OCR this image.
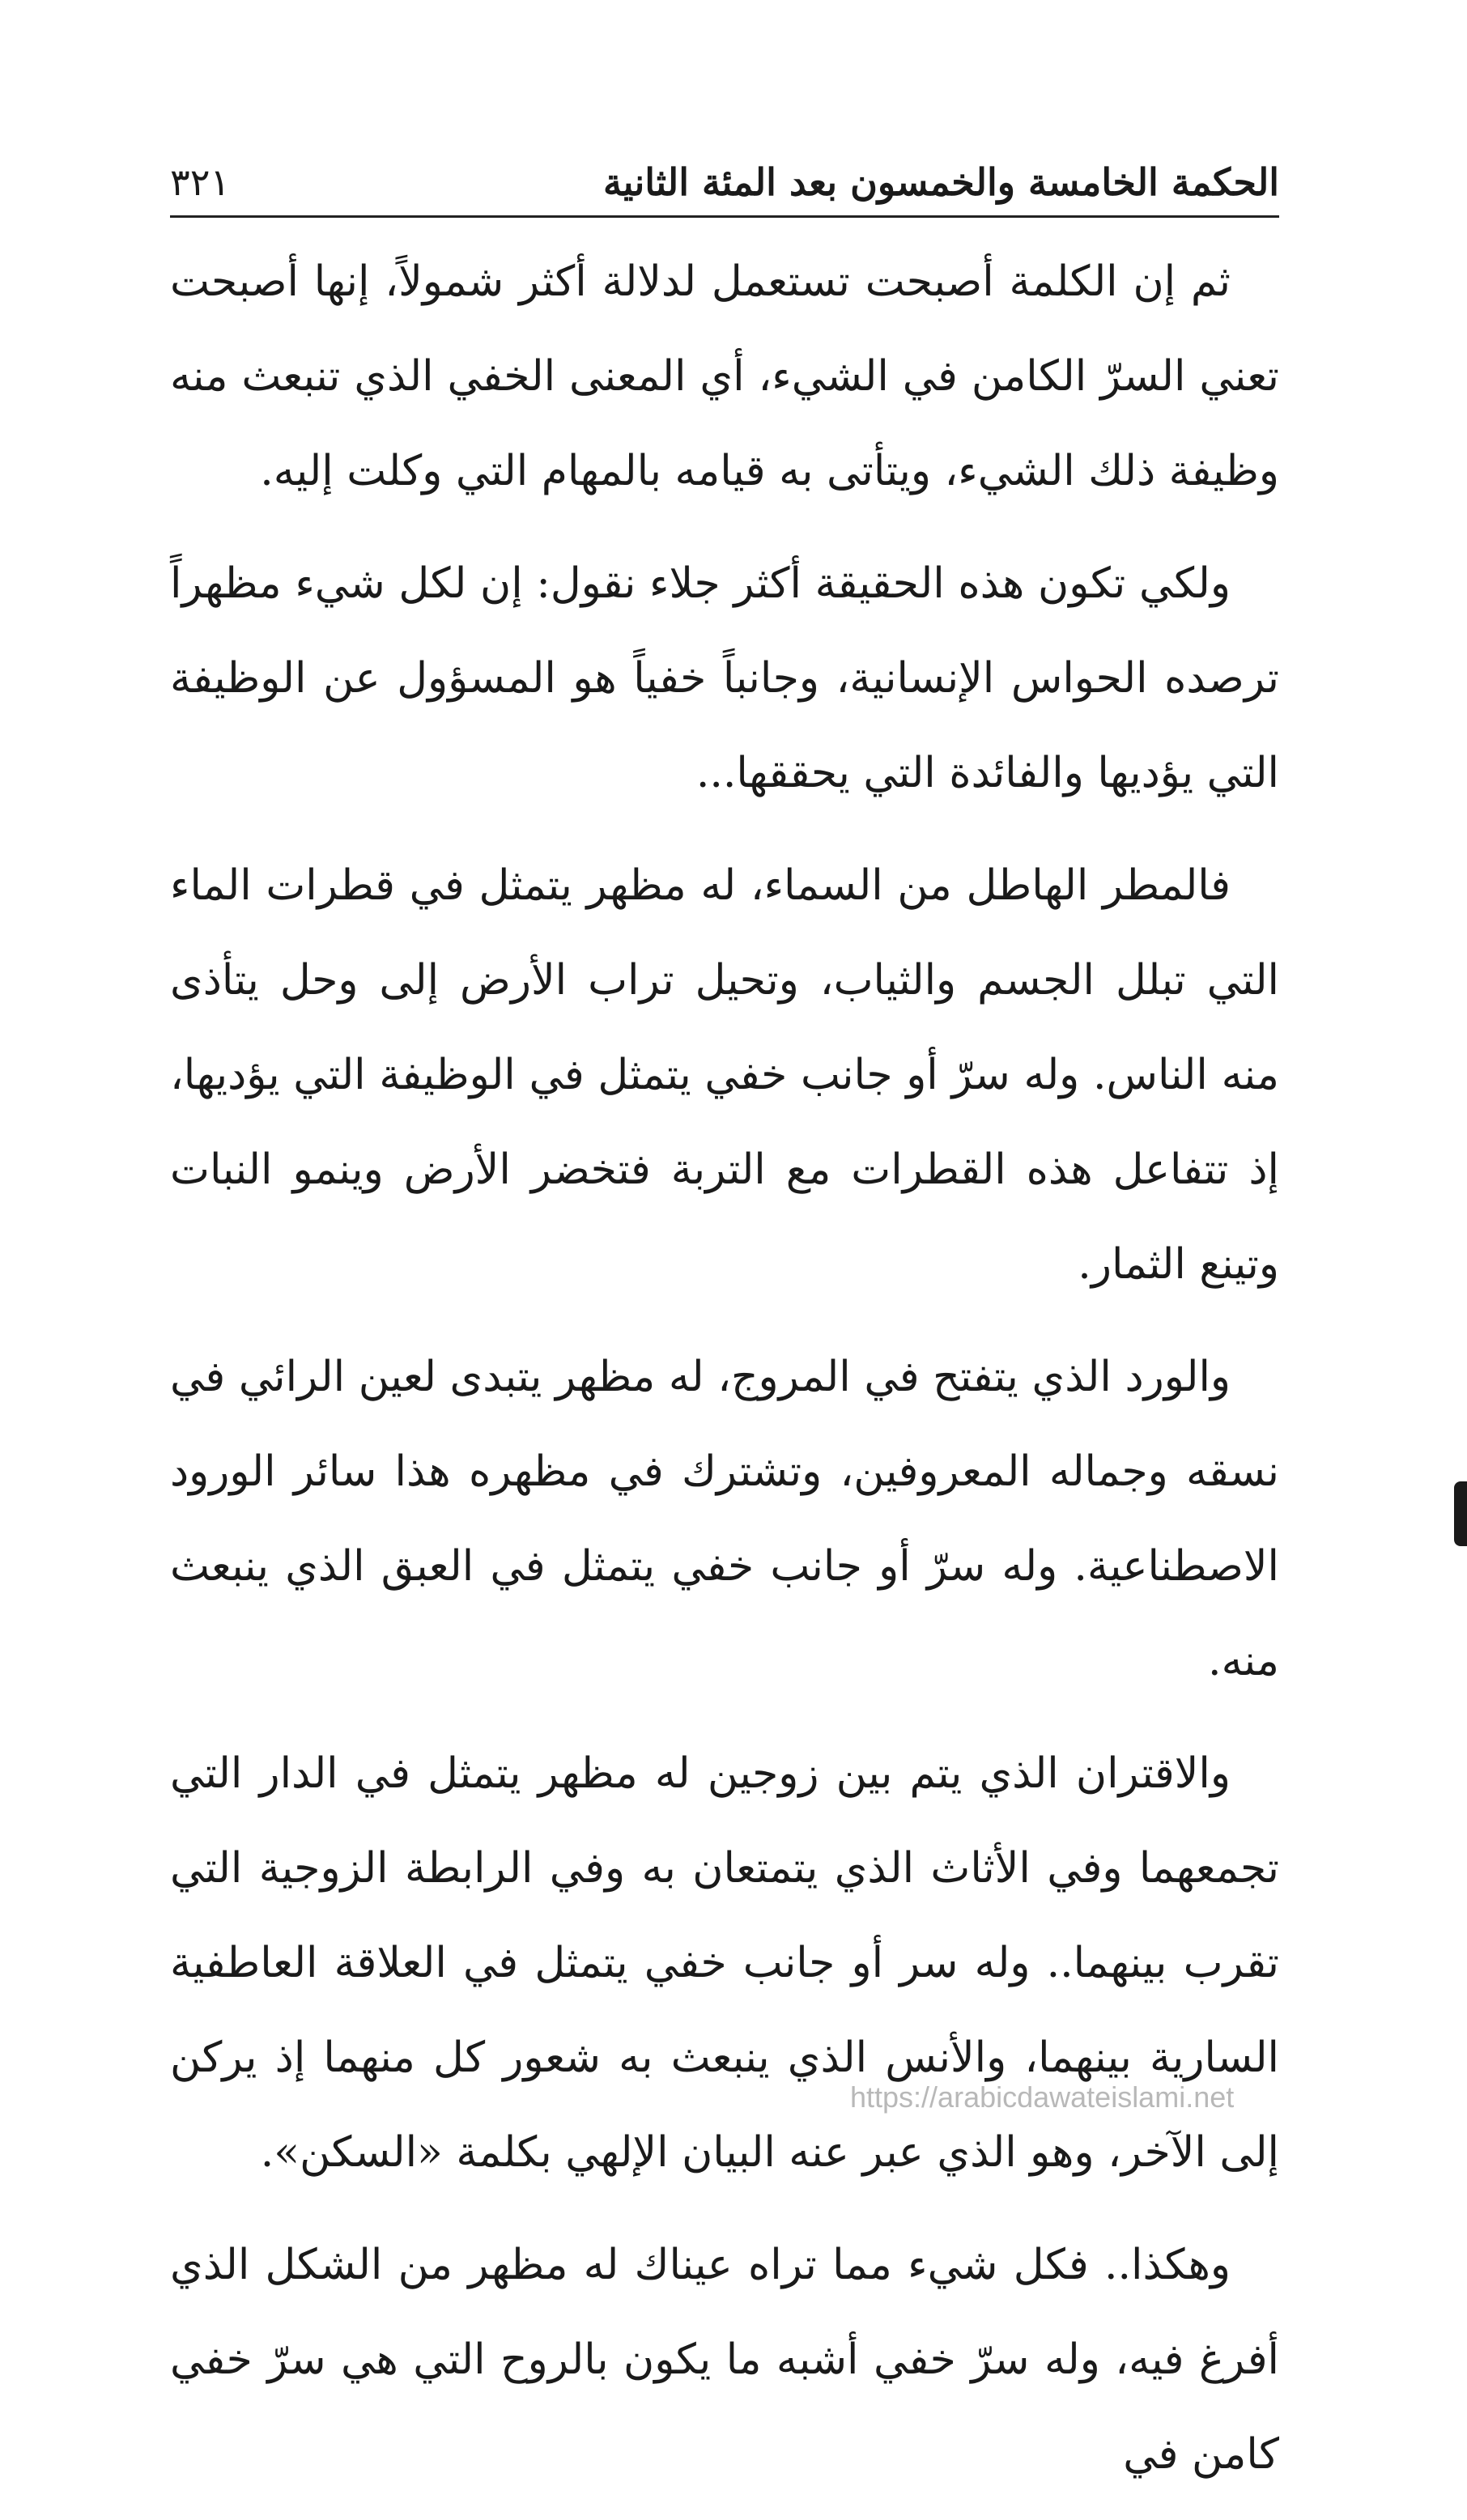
الحكمة الخامسة والخمسون بعد المئة الثانية
٣٢١

ثم إن الكلمة أصبحت تستعمل لدلالة أكثر شمولاً، إنها أصبحت تعني السرّ الكامن في الشيء، أي المعنى الخفي الذي تنبعث منه وظيفة ذلك الشيء، ويتأتى به قيامه بالمهام التي وكلت إليه.

ولكي تكون هذه الحقيقة أكثر جلاء نقول: إن لكل شيء مظهراً ترصده الحواس الإنسانية، وجانباً خفياً هو المسؤول عن الوظيفة التي يؤديها والفائدة التي يحققها...

فالمطر الهاطل من السماء، له مظهر يتمثل في قطرات الماء التي تبلل الجسم والثياب، وتحيل تراب الأرض إلى وحل يتأذى منه الناس. وله سرّ أو جانب خفي يتمثل في الوظيفة التي يؤديها، إذ تتفاعل هذه القطرات مع التربة فتخضر الأرض وينمو النبات وتينع الثمار.

والورد الذي يتفتح في المروج، له مظهر يتبدى لعين الرائي في نسقه وجماله المعروفين، وتشترك في مظهره هذا سائر الورود الاصطناعية. وله سرّ أو جانب خفي يتمثل في العبق الذي ينبعث منه.

والاقتران الذي يتم بين زوجين له مظهر يتمثل في الدار التي تجمعهما وفي الأثاث الذي يتمتعان به وفي الرابطة الزوجية التي تقرب بينهما.. وله سر أو جانب خفي يتمثل في العلاقة العاطفية السارية بينهما، والأنس الذي ينبعث به شعور كل منهما إذ يركن إلى الآخر، وهو الذي عبر عنه البيان الإلهي بكلمة «السكن».

وهكذا.. فكل شيء مما تراه عيناك له مظهر من الشكل الذي أفرغ فيه، وله سرّ خفي أشبه ما يكون بالروح التي هي سرّ خفي كامن في

https://arabicdawateislami.net
